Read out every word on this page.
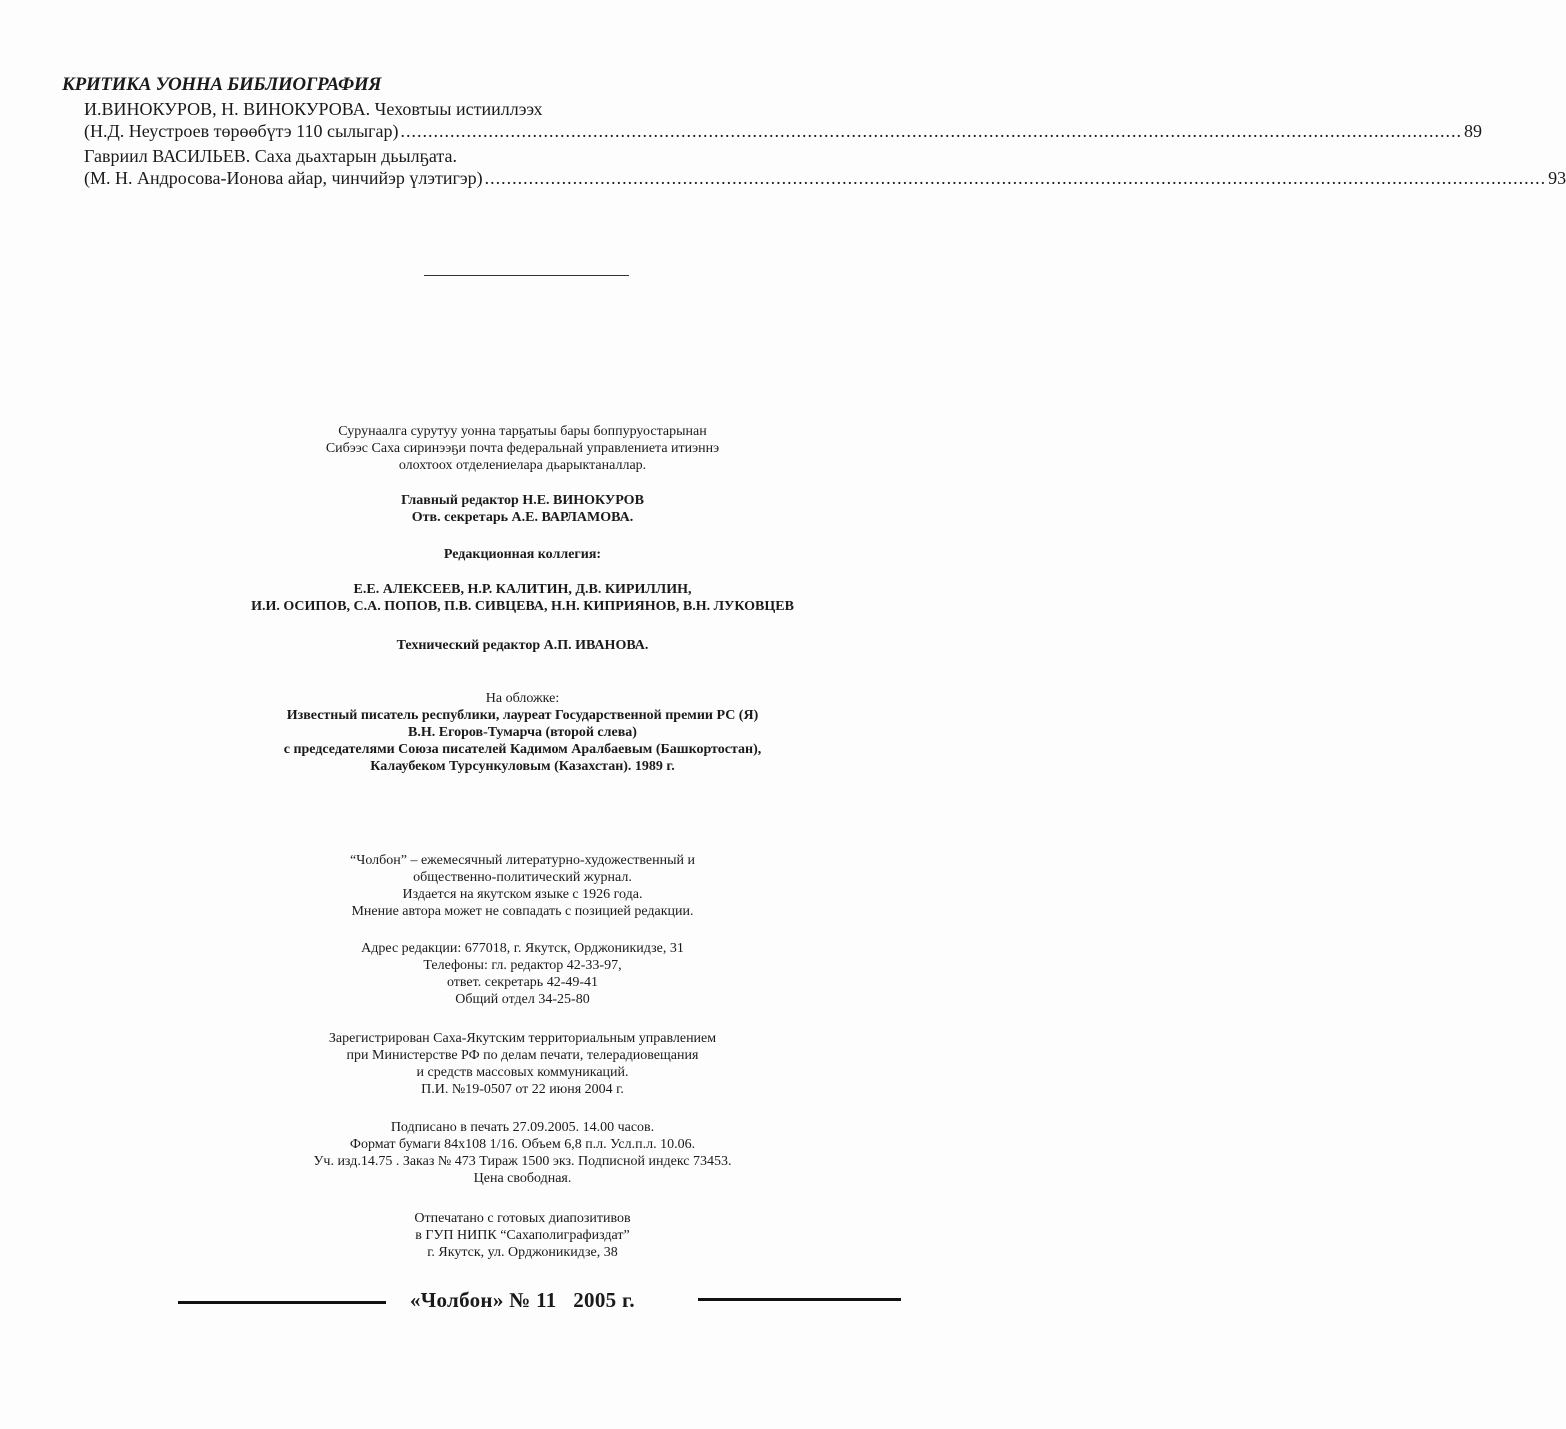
КРИТИКА УОННА БИБЛИОГРАФИЯ
И.ВИНОКУРОВ, Н. ВИНОКУРОВА. Чеховтыы истииллээх
(Н.Д. Неустроев төрөөбүтэ 110 сылыгар) ................................................................................................................................................................................................. 89
Гавриил ВАСИЛЬЕВ. Саха дьахтарын дьылҕата.
(М. Н. Андросова-Ионова айар, чинчийэр үлэтигэр) ................................................................................................................................................................................................. 93

Сурунаалга сурутуу уонна тарҕатыы бары боппуруостарынан

Сибээс Саха сиринээҕи почта федеральнай управлениета итиэннэ

олохтоох отделениелара дьарыктаналлар.

Главный редактор Н.Е. ВИНОКУРОВ

Отв. секретарь А.Е. ВАРЛАМОВА.

Редакционная коллегия:

Е.Е. АЛЕКСЕЕВ, Н.Р. КАЛИТИН, Д.В. КИРИЛЛИН,

И.И. ОСИПОВ, С.А. ПОПОВ, П.В. СИВЦЕВА, Н.Н. КИПРИЯНОВ, В.Н. ЛУКОВЦЕВ

Технический редактор А.П. ИВАНОВА.

На обложке:

Известный писатель республики, лауреат Государственной премии РС (Я)

В.Н. Егоров-Тумарча (второй слева)

с председателями Союза писателей Кадимом Аралбаевым (Башкортостан),

Калаубеком Турсункуловым (Казахстан). 1989 г.

“Чолбон” – ежемесячный литературно-художественный и

общественно-политический журнал.

Издается на якутском языке с 1926 года.

Мнение автора может не совпадать с позицией редакции.

Адрес редакции: 677018, г. Якутск, Орджоникидзе, 31

Телефоны: гл. редактор 42-33-97,

ответ. секретарь 42-49-41

Общий отдел 34-25-80

Зарегистрирован Саха-Якутским территориальным управлением

при Министерстве РФ по делам печати, телерадиовещания

и средств массовых коммуникаций.

П.И. №19-0507 от 22 июня 2004 г.

Подписано в печать 27.09.2005. 14.00 часов.

Формат бумаги 84х108 1/16. Объем 6,8 п.л. Усл.п.л. 10.06.

Уч. изд.14.75 . Заказ № 473 Тираж 1500 экз. Подписной индекс 73453.

Цена свободная.

Отпечатано с готовых диапозитивов

в ГУП НИПК “Сахаполиграфиздат”

г. Якутск, ул. Орджоникидзе, 38

«Чолбон» № 11   2005 г.
